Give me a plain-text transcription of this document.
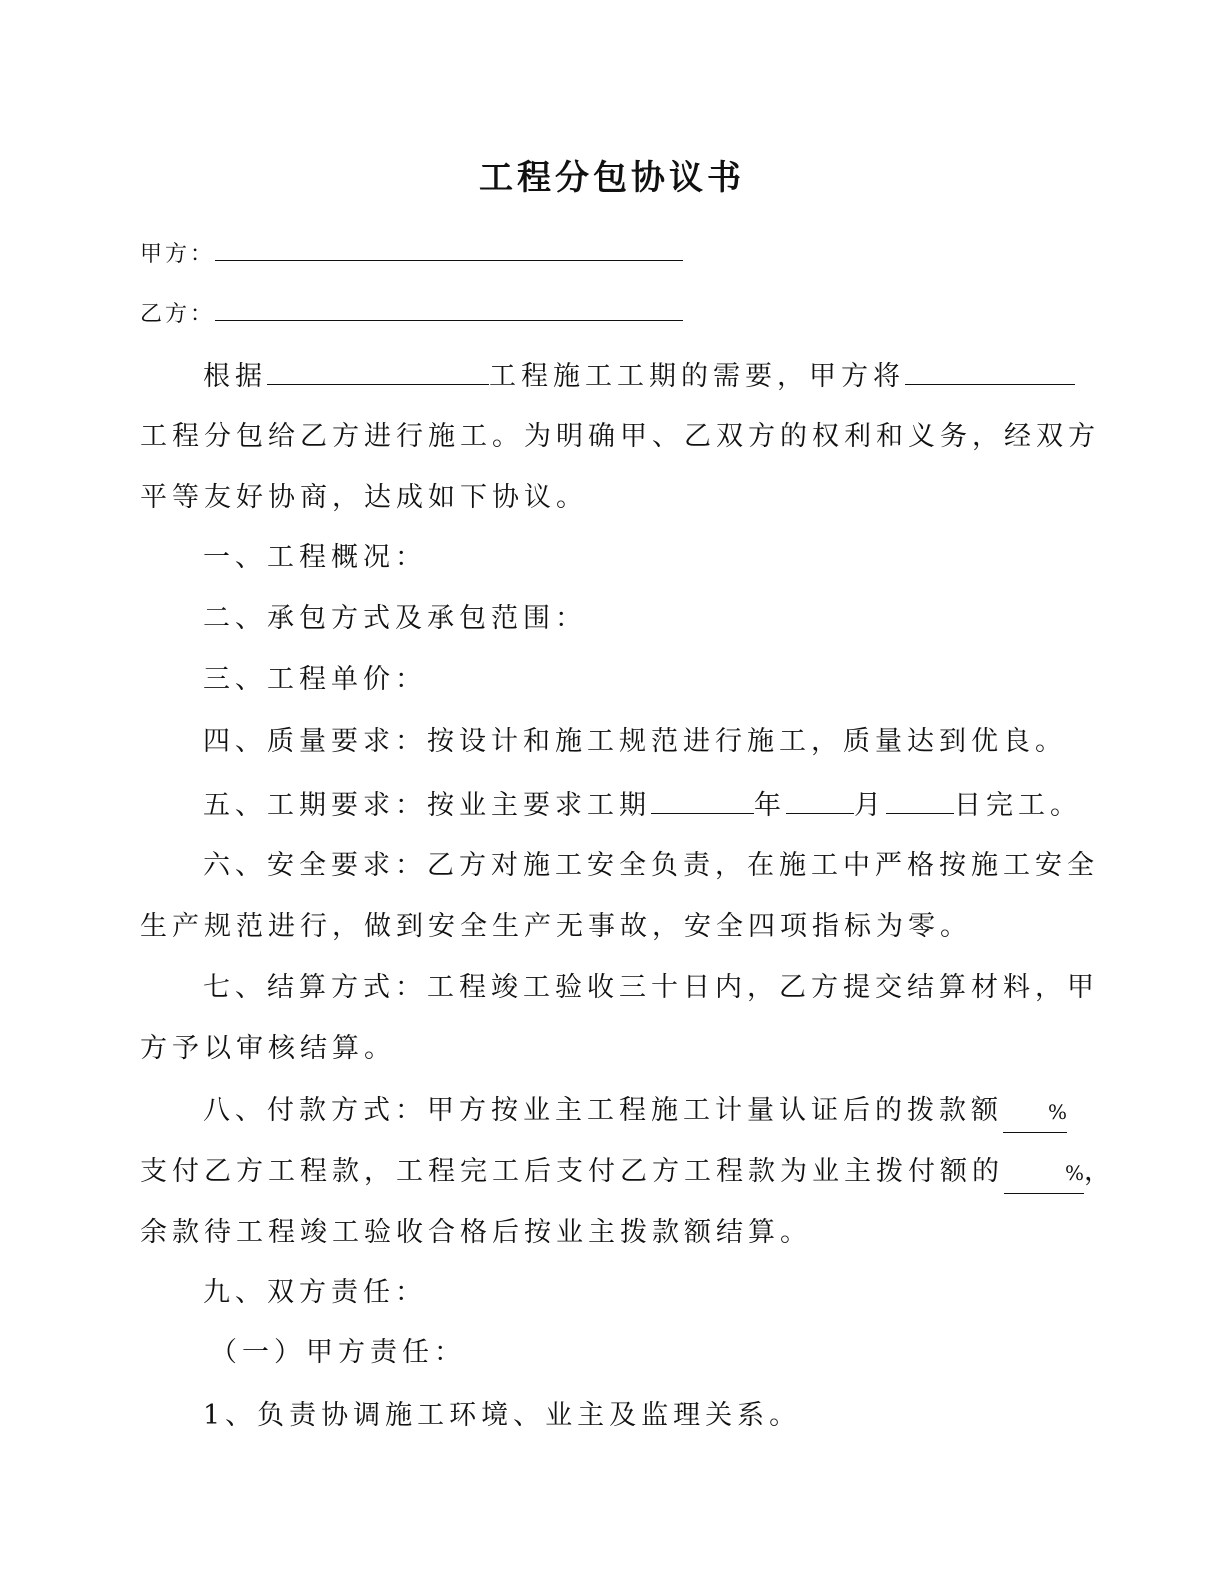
工程分包协议书
甲方：
乙方：
根据	工程施工工期的需要，甲方将
工程分包给乙方进行施工。为明确甲、乙双方的权利和义务，经双方
平等友好协商，达成如下协议。
一、工程概况：
二、承包方式及承包范围：
三、工程单价：
四、质量要求：按设计和施工规范进行施工，质量达到优良。
五、工期要求：按业主要求工期	年	月	日完工。
六、安全要求：乙方对施工安全负责，在施工中严格按施工安全
生产规范进行，做到安全生产无事故，安全四项指标为零。
七、结算方式：工程竣工验收三十日内，乙方提交结算材料，甲
方予以审核结算。
八、付款方式：甲方按业主工程施工计量认证后的拨款额 %
支付乙方工程款，工程完工后支付乙方工程款为业主拨付额的	%，
余款待工程竣工验收合格后按业主拨款额结算。
九、双方责任：
（一）甲方责任：
1、负责协调施工环境、业主及监理关系。
